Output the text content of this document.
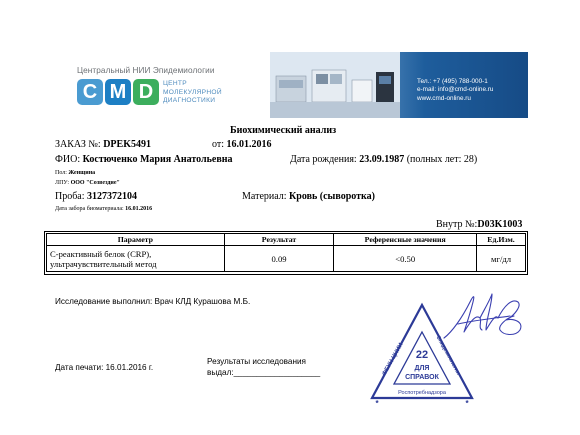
Центральный НИИ Эпидемиологии
C M D	ЦЕНТР
МОЛЕКУЛЯРНОЙ
ДИАГНОСТИКИ
Тел.: +7 (495) 788-000-1
e-mail: info@cmd-online.ru
www.cmd-online.ru
Биохимический анализ
ЗАКАЗ №: DPEK5491	от: 16.01.2016
ФИО: Костюченко Мария Анатольевна	Дата рождения: 23.09.1987 (полных лет: 28)
Пол: Женщина
ЛПУ: ООО "Созвездие"
Проба: 3127372104	Материал: Кровь (сыворотка)
Дата забора биоматериала: 16.01.2016
Внутр №:D03K1003
Параметр	Результат	Референсные значения	Ед.Изм.

С-реактивный белок (CRP),
ультрачувствительный метод	0.09	<0.50	мг/дл
Исследование выполнил: Врач КЛД Курашова М.Б.
Дата печати: 16.01.2016 г.
Результаты исследования
выдал:___________________
22
ДЛЯ
СПРАВОК
Роспотребнадзора
ФБУН ЦНИИ	Эпидемиологии
*	*
